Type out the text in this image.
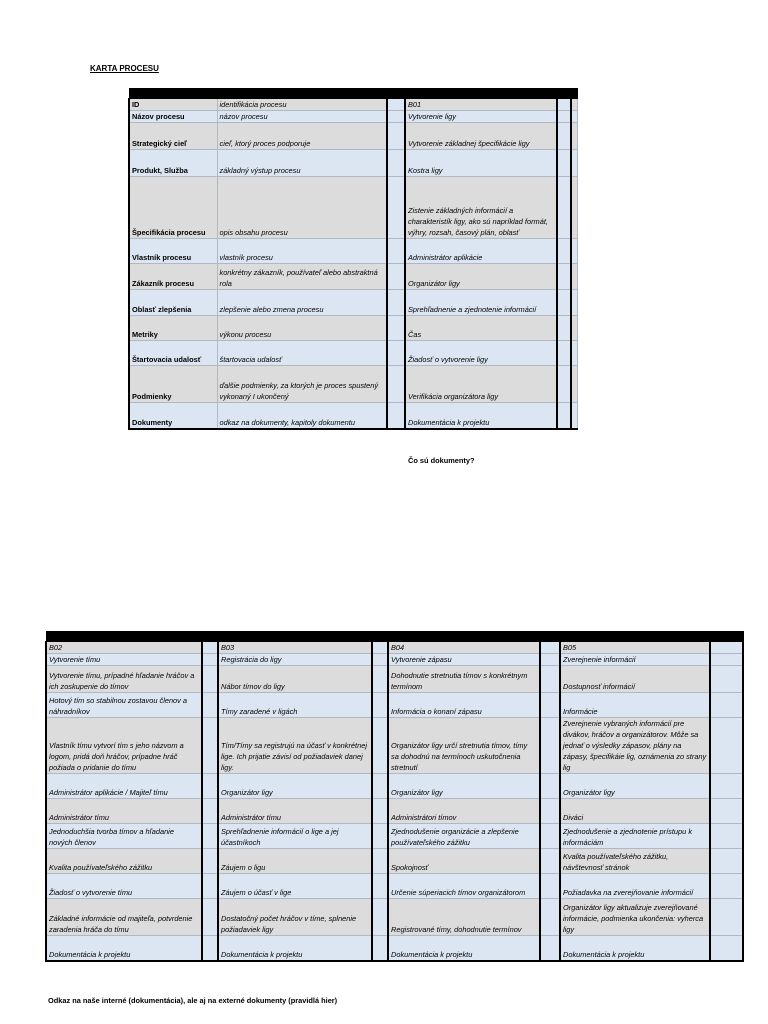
KARTA PROCESU

ID	identifikácia procesu		B01		
Názov procesu	názov procesu		Vytvorenie ligy		
Strategický cieľ	cieľ, ktorý proces podporuje		Vytvorenie základnej špecifikácie ligy		
Produkt, Služba	základný výstup procesu		Kostra ligy		
Špecifikácia procesu	opis obsahu procesu		Zistenie základných informácií a charakteristík ligy, ako sú napríklad formát, výhry, rozsah, časový plán, oblasť		
Vlastník procesu	vlastník procesu		Administrátor aplikácie		
Zákazník procesu	konkrétny zákazník, používateľ alebo abstraktná rola		Organizátor ligy		
Oblasť zlepšenia	zlepšenie alebo zmena procesu		Sprehľadnenie a zjednotenie informácií		
Metriky	výkonu procesu		Čas		
Štartovacia udalosť	štartovacia udalosť		Žiadosť o vytvorenie ligy		
Podmienky	ďalšie podmienky, za ktorých je proces spustený vykonaný I ukončený		Verifikácia organizátora ligy		
Dokumenty	odkaz na dokumenty, kapitoly dokumentu		Dokumentácia k projektu		
Čo sú dokumenty?

B02		B03		B04		B05	
Vytvorenie tímu		Registrácia do ligy		Vytvorenie zápasu		Zverejnenie informácií	
Vytvorenie tímu, prípadné hľadanie hráčov a ich zoskupenie do tímov		Nábor tímov do ligy		Dohodnutie stretnutia tímov s konkrétnym termínom		Dostupnosť informácií	
Hotový tím so stabilnou zostavou členov a náhradníkov		Tímy zaradené v ligách		Informácia o konaní zápasu		Informácie	
Vlastník tímu vytvorí tím s jeho názvom a logom, pridá doň hráčov, prípadne hráč požiada o pridanie do tímu		Tím/Tímy sa registrujú na účasť v konkrétnej lige. Ich prijatie závisí od požiadaviek danej ligy.		Organizátor ligy určí stretnutia tímov, tímy sa dohodnú na termínoch uskutočnenia stretnutí		Zverejnenie vybraných informácií pre divákov, hráčov a organizátorov. Môže sa jednať o výsledky zápasov, plány na zápasy, špecifikáie lig, oznámenia zo strany lig	
Administrátor aplikácie / Majiteľ tímu		Organizátor ligy		Organizátor ligy		Organizátor ligy	
Administrátor tímu		Administrátor tímu		Administrátori tímov		Diváci	
Jednoduchšia tvorba tímov a hľadanie nových členov		Sprehľadnenie informácií o lige a jej účastníkoch		Zjednodušenie organizácie a zlepšenie používateľského zážitku		Zjednodušenie a zjednotenie prístupu k informáciám	
Kvalita používateľského zážitku		Záujem o ligu		Spokojnosť		Kvalita používateľského zážitku, návštevnosť stránok	
Žiadosť o vytvorenie tímu		Záujem o účasť v lige		Určenie súperiacich tímov organizátorom		Požiadavka na zverejňovanie informácií	
Základné informácie od majiteľa, potvrdenie zaradenia hráča do tímu		Dostatočný počet hráčov v tíme, splnenie požiadaviek ligy		Registrované tímy, dohodnutie termínov		Organizátor ligy aktualizuje zverejňované informácie, podmienka ukončenia: vyhercа ligy	
Dokumentácia k projektu		Dokumentácia k projektu		Dokumentácia k projektu		Dokumentácia k projektu	
Odkaz na naše interné (dokumentácia), ale aj na externé dokumenty (pravidlá hier)
